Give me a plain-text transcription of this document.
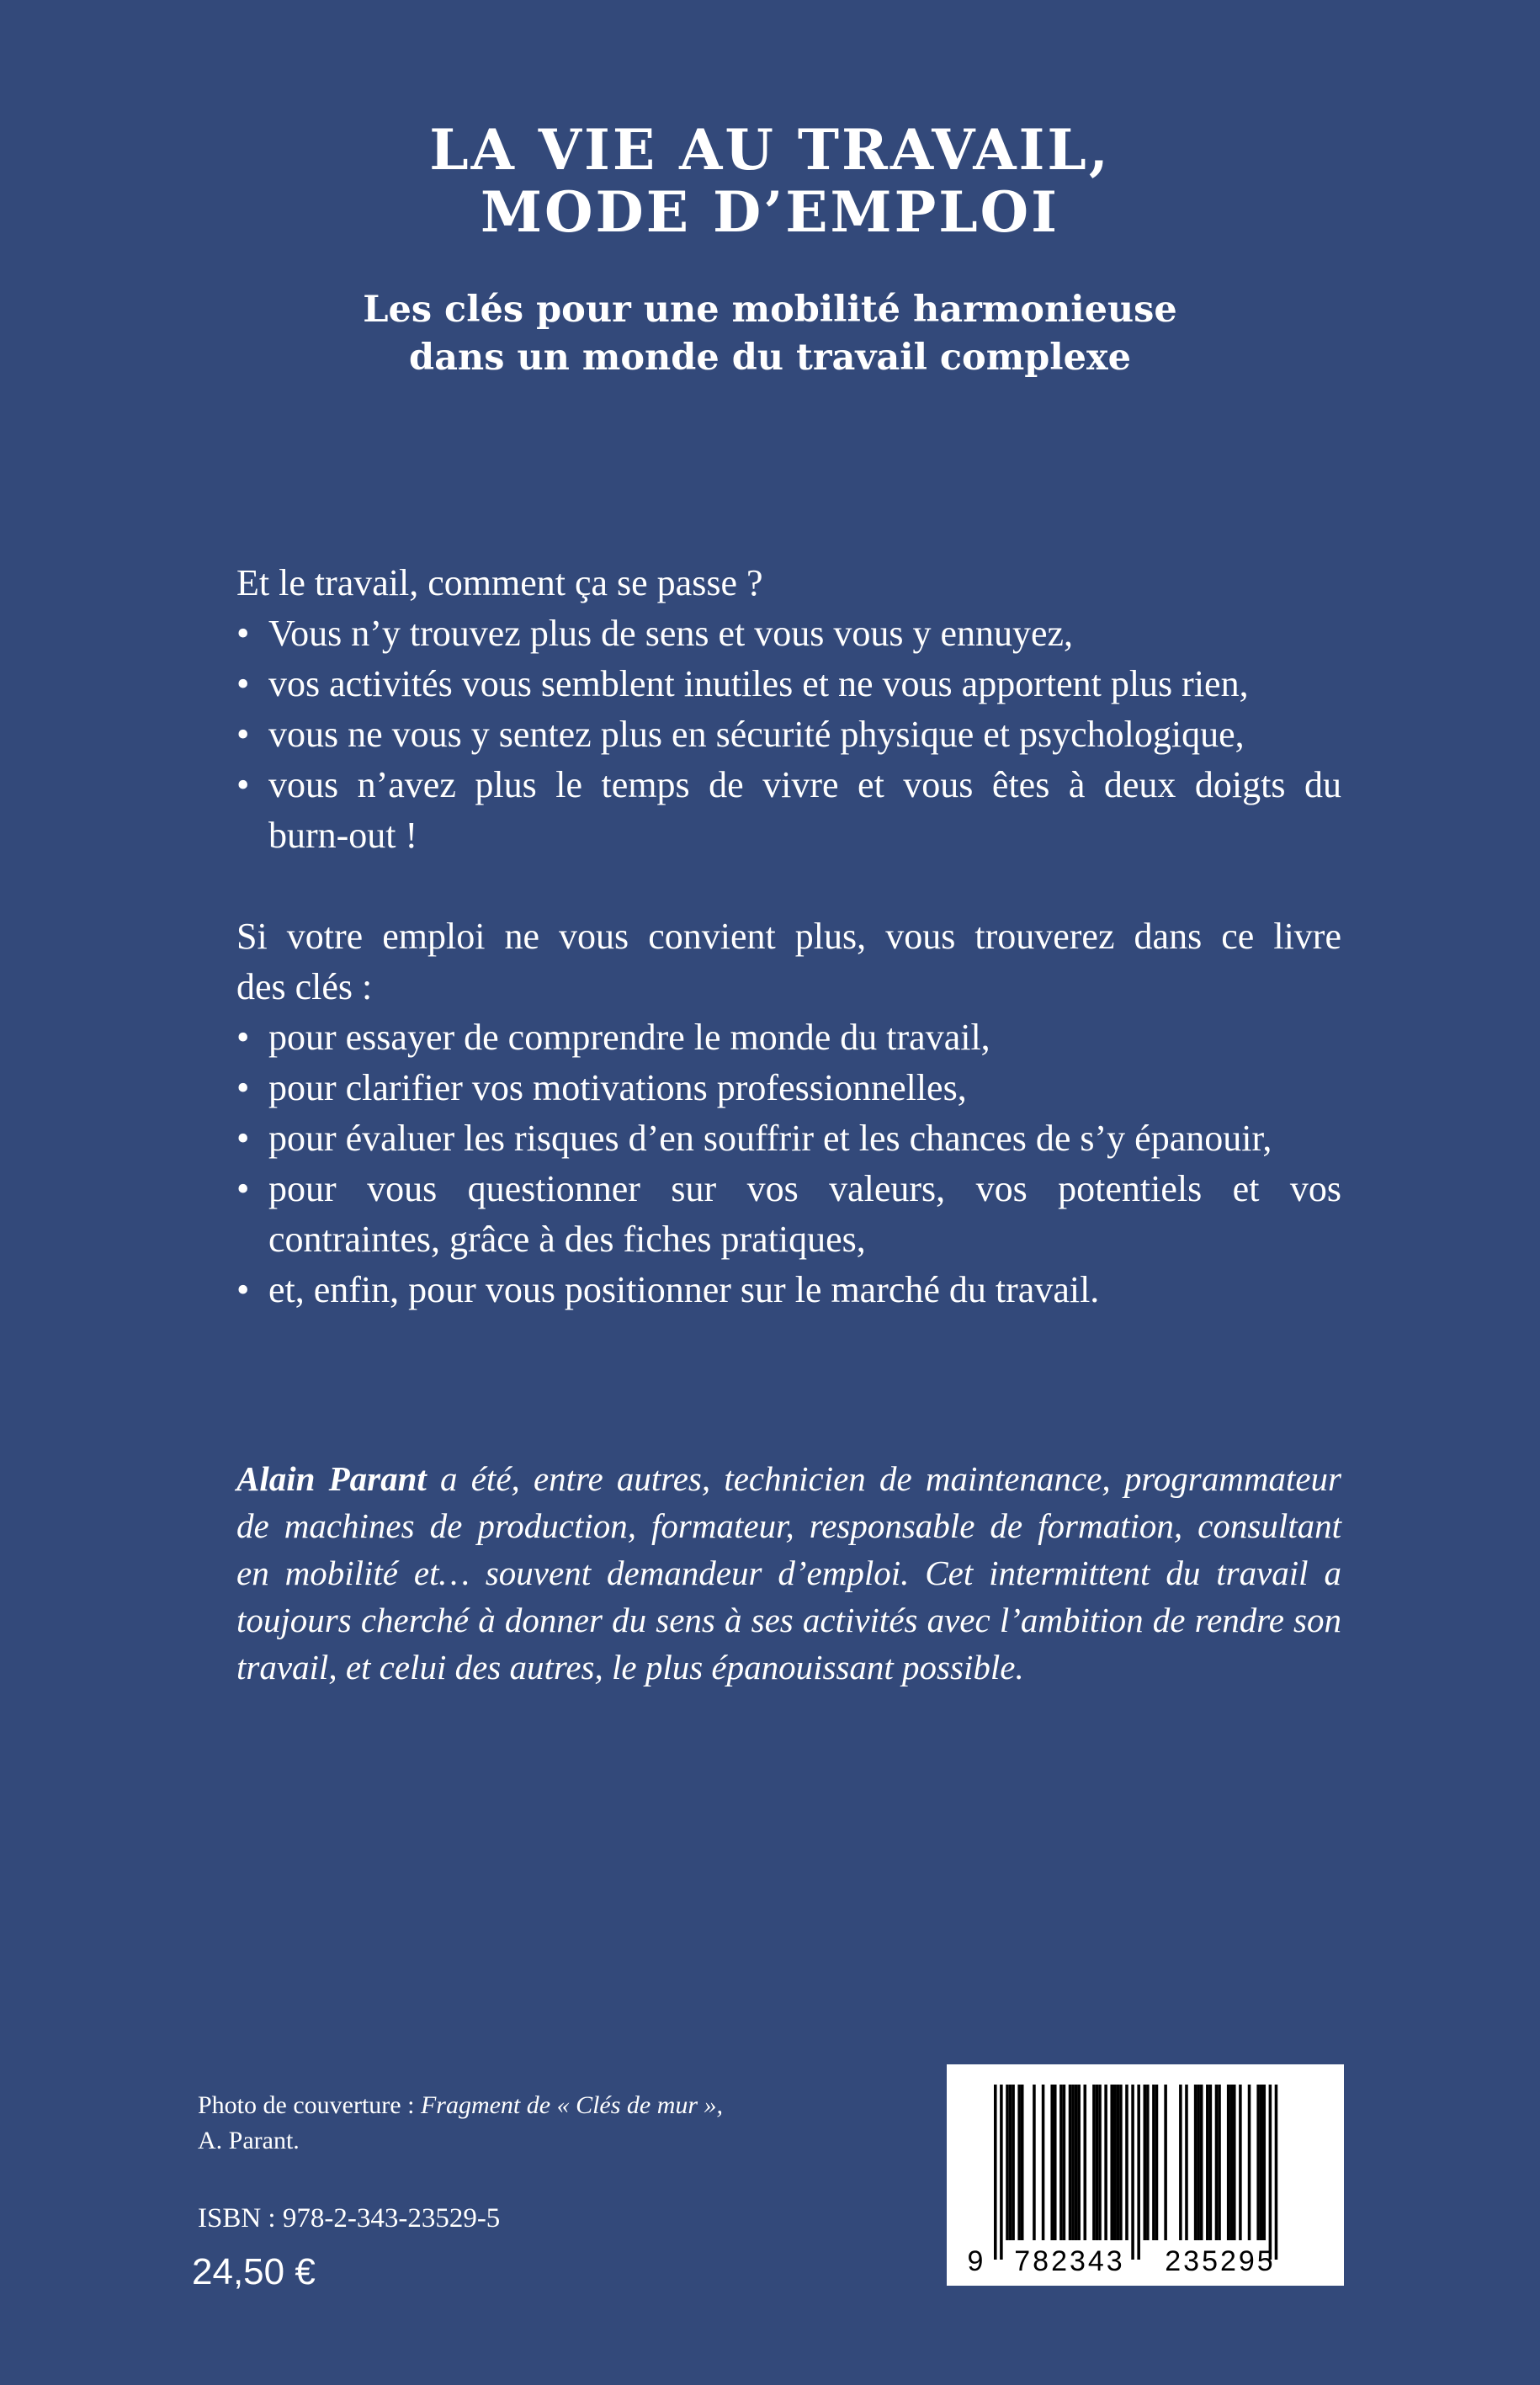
LA VIE AU TRAVAIL,
MODE D’EMPLOI
Les clés pour une mobilité harmonieuse
dans un monde du travail complexe
Et le travail, comment ça se passe ?
• Vous n’y trouvez plus de sens et vous vous y ennuyez,
• vos activités vous semblent inutiles et ne vous apportent plus rien,
• vous ne vous y sentez plus en sécurité physique et psychologique,
• vous n’avez plus le temps de vivre et vous êtes à deux doigts du
burn-out !
Si votre emploi ne vous convient plus, vous trouverez dans ce livre
des clés :
• pour essayer de comprendre le monde du travail,
• pour clarifier vos motivations professionnelles,
• pour évaluer les risques d’en souffrir et les chances de s’y épanouir,
• pour vous questionner sur vos valeurs, vos potentiels et vos
contraintes, grâce à des fiches pratiques,
• et, enfin, pour vous positionner sur le marché du travail.
Alain Parant a été, entre autres, technicien de maintenance, programmateur
de machines de production, formateur, responsable de formation, consultant
en mobilité et… souvent demandeur d’emploi. Cet intermittent du travail a
toujours cherché à donner du sens à ses activités avec l’ambition de rendre son
travail, et celui des autres, le plus épanouissant possible.
Photo de couverture : Fragment de « Clés de mur »,
A. Parant.
ISBN : 978-2-343-23529-5
24,50 €	9 782343 235295
